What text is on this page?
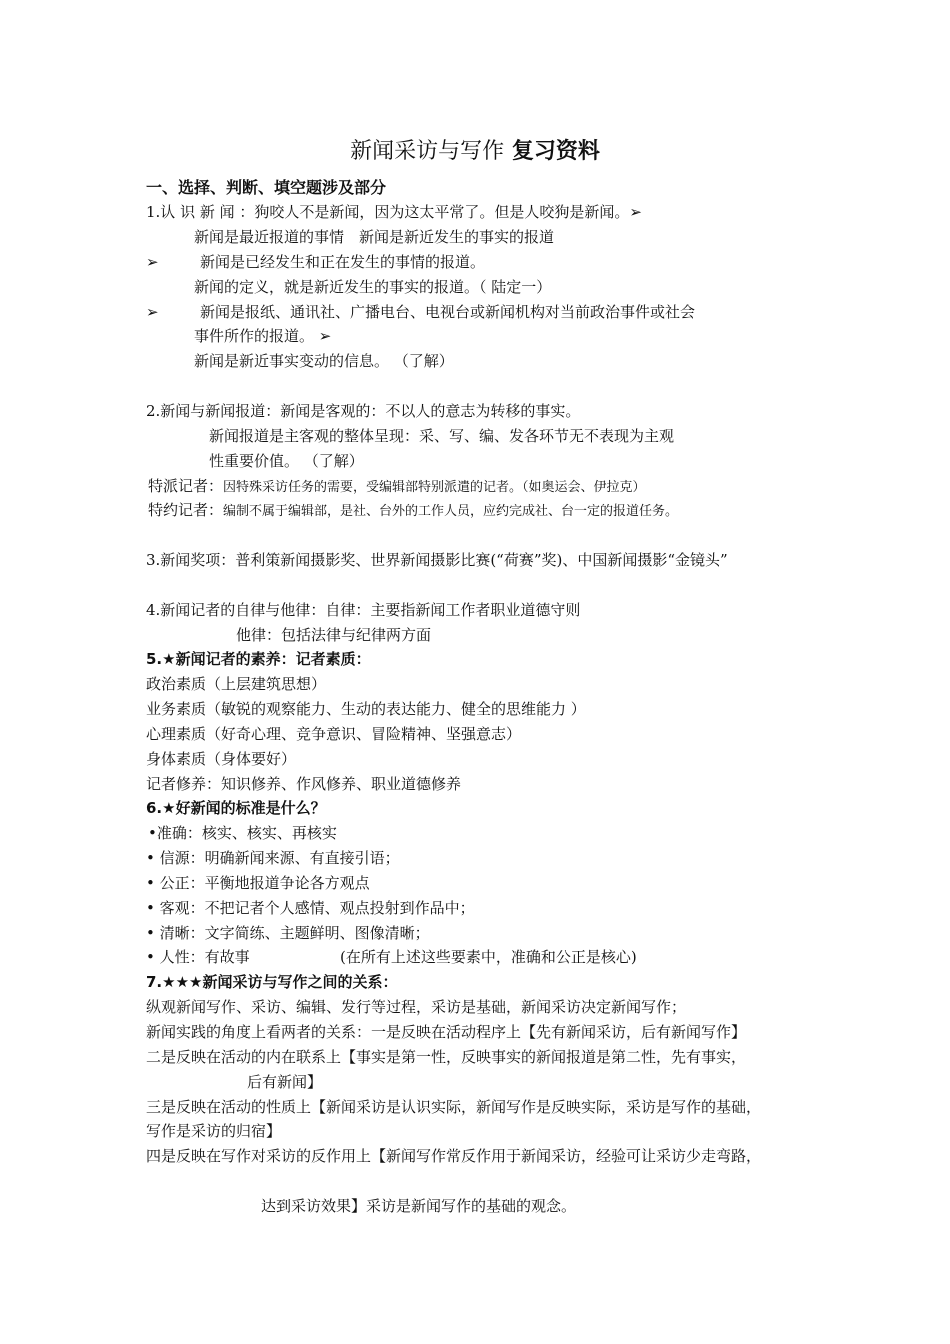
新闻采访与写作 复习资料
一、选择、判断、填空题涉及部分
1.认 识 新 闻 ：狗咬人不是新闻，因为这太平常了。但是人咬狗是新闻。➢
新闻是最近报道的事情　新闻是新近发生的事实的报道
➢	新闻是已经发生和正在发生的事情的报道。
新闻的定义，就是新近发生的事实的报道。（ 陆定一）
➢	新闻是报纸、通讯社、广播电台、电视台或新闻机构对当前政治事件或社会
事件所作的报道。 ➢
新闻是新近事实变动的信息。 （了解）
2.新闻与新闻报道：新闻是客观的：不以人的意志为转移的事实。
新闻报道是主客观的整体呈现：采、写、编、发各环节无不表现为主观
性重要价值。 （了解）
特派记者：因特殊采访任务的需要，受编辑部特别派遣的记者。（如奥运会、伊拉克）
特约记者：编制不属于编辑部，是社、台外的工作人员，应约完成社、台一定的报道任务。
3.新闻奖项：普利策新闻摄影奖、世界新闻摄影比赛(“荷赛”奖)、中国新闻摄影“金镜头”
4.新闻记者的自律与他律：自律：主要指新闻工作者职业道德守则
他律：包括法律与纪律两方面
5.★新闻记者的素养：记者素质：
政治素质（上层建筑思想）
业务素质（敏锐的观察能力、生动的表达能力、健全的思维能力 ）
心理素质（好奇心理、竞争意识、冒险精神、坚强意志）
身体素质（身体要好）
记者修养：知识修养、作风修养、职业道德修养
6.★好新闻的标准是什么？
•准确：核实、核实、再核实
• 信源：明确新闻来源、有直接引语；
• 公正：平衡地报道争论各方观点
• 客观：不把记者个人感情、观点投射到作品中；
• 清晰：文字简练、主题鲜明、图像清晰；
• 人性：有故事	(在所有上述这些要素中，准确和公正是核心)
7.★★★新闻采访与写作之间的关系：
纵观新闻写作、采访、编辑、发行等过程，采访是基础，新闻采访决定新闻写作；
新闻实践的角度上看两者的关系：一是反映在活动程序上【先有新闻采访，后有新闻写作】
二是反映在活动的内在联系上【事实是第一性，反映事实的新闻报道是第二性，先有事实，
后有新闻】
三是反映在活动的性质上【新闻采访是认识实际，新闻写作是反映实际，采访是写作的基础，
写作是采访的归宿】
四是反映在写作对采访的反作用上【新闻写作常反作用于新闻采访，经验可让采访少走弯路，
达到采访效果】采访是新闻写作的基础的观念。
